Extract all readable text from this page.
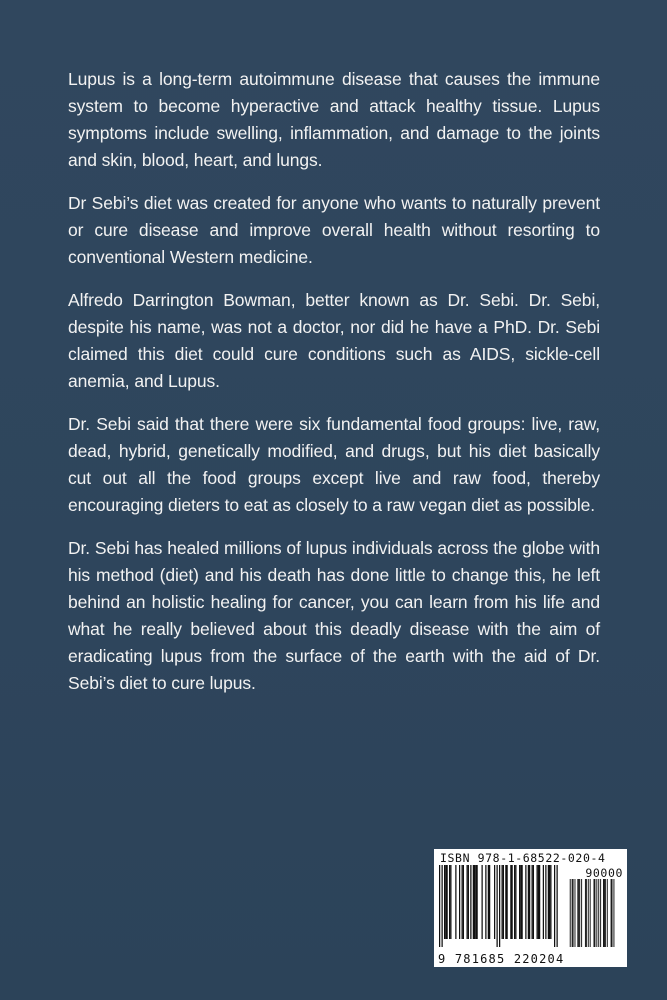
Lupus is a long-term autoimmune disease that causes the immune system to become hyperactive and attack healthy tissue. Lupus symptoms include swelling, inflammation, and damage to the joints and skin, blood, heart, and lungs.

Dr Sebi’s diet was created for anyone who wants to naturally prevent or cure disease and improve overall health without resorting to conventional Western medicine.

Alfredo Darrington Bowman, better known as Dr. Sebi. Dr. Sebi, despite his name, was not a doctor, nor did he have a PhD. Dr. Sebi claimed this diet could cure conditions such as AIDS, sickle-cell anemia, and Lupus.

Dr. Sebi said that there were six fundamental food groups: live, raw, dead, hybrid, genetically modified, and drugs, but his diet basically cut out all the food groups except live and raw food, thereby encouraging dieters to eat as closely to a raw vegan diet as possible.

Dr. Sebi has healed millions of lupus individuals across the globe with his method (diet) and his death has done little to change this, he left behind an holistic healing for cancer, you can learn from his life and what he really believed about this deadly disease with the aim of eradicating lupus from the surface of the earth with the aid of Dr. Sebi’s diet to cure lupus.

ISBN 978-1-68522-020-4
90000
9 781685 220204
